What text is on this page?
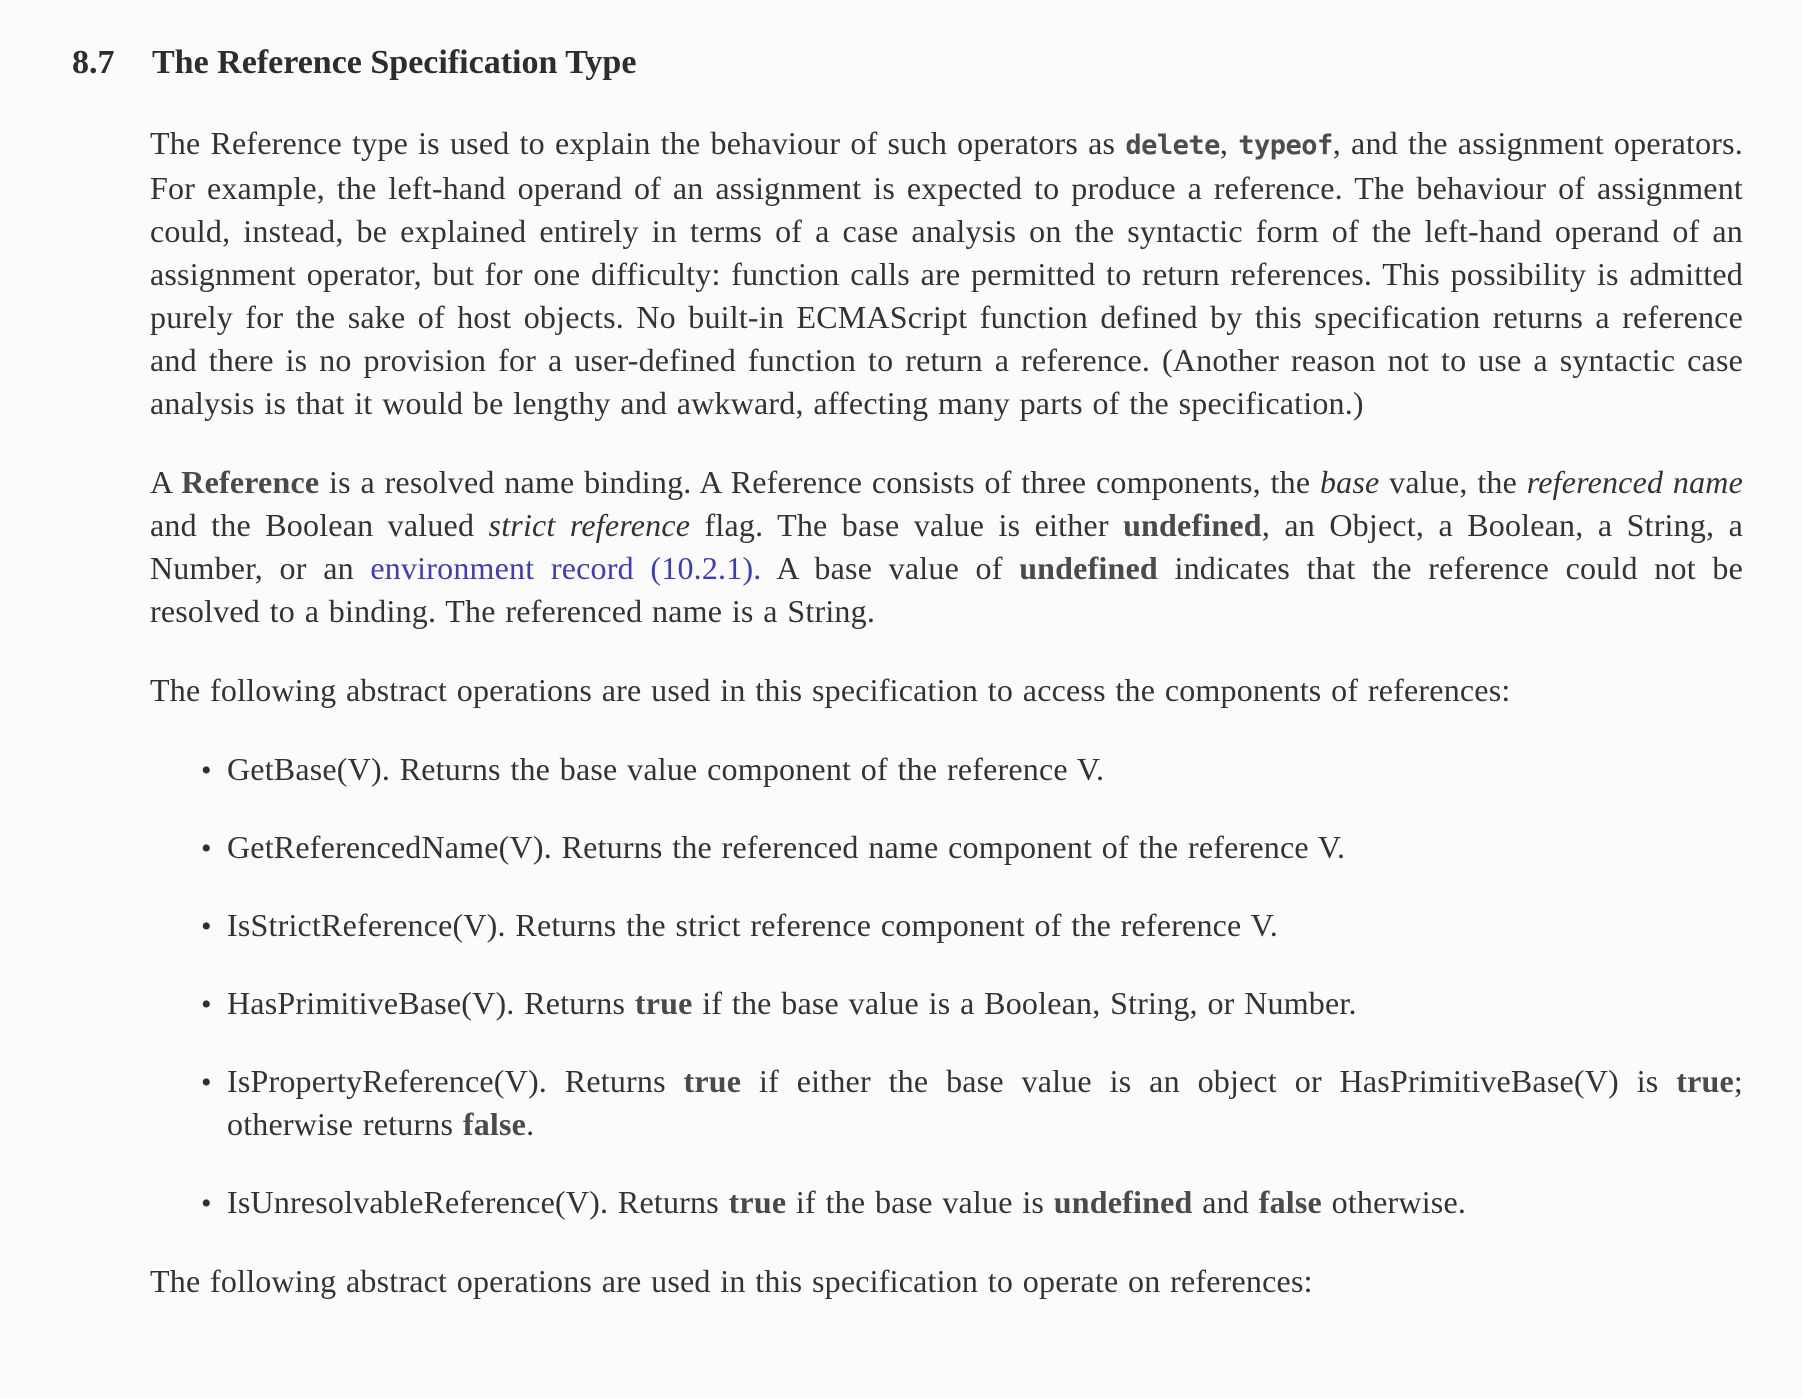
8.7	The Reference Specification Type

The Reference type is used to explain the behaviour of such operators as delete, typeof, and the assignment operators. For example, the left-hand operand of an assignment is expected to produce a reference. The behaviour of assignment could, instead, be explained entirely in terms of a case analysis on the syntactic form of the left-hand operand of an assignment operator, but for one difficulty: function calls are permitted to return references. This possibility is admitted purely for the sake of host objects. No built-in ECMAScript function defined by this specification returns a reference and there is no provision for a user-defined function to return a reference. (Another reason not to use a syntactic case analysis is that it would be lengthy and awkward, affecting many parts of the specification.)

A Reference is a resolved name binding. A Reference consists of three components, the base value, the referenced name and the Boolean valued strict reference flag. The base value is either undefined, an Object, a Boolean, a String, a Number, or an environment record (10.2.1). A base value of undefined indicates that the reference could not be resolved to a binding. The referenced name is a String.

The following abstract operations are used in this specification to access the components of references:

•
GetBase(V). Returns the base value component of the reference V.
•
GetReferencedName(V). Returns the referenced name component of the reference V.
•
IsStrictReference(V). Returns the strict reference component of the reference V.
•
HasPrimitiveBase(V). Returns true if the base value is a Boolean, String, or Number.
•
IsPropertyReference(V). Returns true if either the base value is an object or HasPrimitiveBase(V) is true; otherwise returns false.
•
IsUnresolvableReference(V). Returns true if the base value is undefined and false otherwise.

The following abstract operations are used in this specification to operate on references:
